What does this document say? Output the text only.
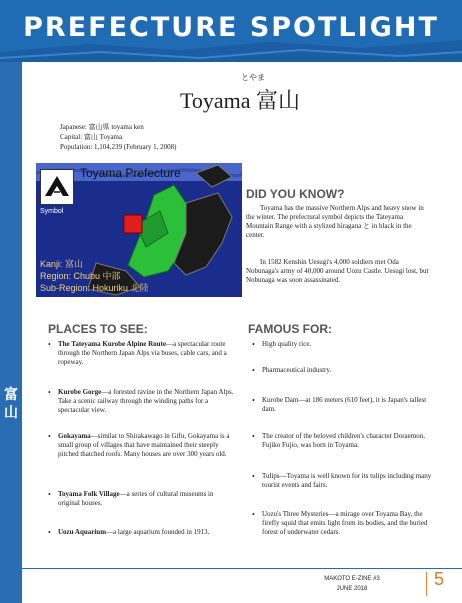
PREFECTURE SPOTLIGHT
富山
とやま
Toyama 富山
Japanese: 富山県 toyama ken
Capital: 富山 Toyama
Population: 1,104,239 (February 1, 2008)
Toyama Prefecture
Symbol
Kanji: 富山
Region: Chubu 中部
Sub-Region: Hokuriku 北陸
DID YOU KNOW?

Toyama has the massive Northern Alps and heavy snow in the winter. The prefectural symbol depicts the Tateyama Mountain Range with a stylized hiragana と in black in the center.

In 1582 Kenshin Uesugi's 4,000 soldiers met Oda Nobunaga's army of 40,000 around Uozu Castle. Uesugi lost, but Nobunaga was soon assassinated.

PLACES TO SEE:
• The Tateyama Kurobe Alpine Route—a spectacular route through the Northern Japan Alps via buses, cable cars, and a ropeway.
• Kurobe Gorge—a forested ravine in the Northern Japan Alps. Take a scenic railway through the winding paths for a spectacular view.
• Gokayama—similar to Shirakawago in Gifu, Gokayama is a small group of villages that have maintained their steeply pitched thatched roofs. Many houses are over 300 years old.
• Toyama Folk Village—a series of cultural museums in original houses.
• Uozu Aquarium—a large aquarium founded in 1913.
FAMOUS FOR:
• High quality rice.
• Pharmaceutical industry.
• Kurobe Dam—at 186 meters (610 feet), it is Japan's tallest dam.
• The creator of the beloved children's character Doraemon, Fujiko Fujio, was born in Toyama.
• Tulips—Toyama is well known for its tulips including many tourist events and fairs.
• Uozu's Three Mysteries—a mirage over Toyama Bay, the firefly squid that emits light from its bodies, and the buried forest of underwater cedars.
MAKOTO E-ZINE #3
JUNE 2018	5
